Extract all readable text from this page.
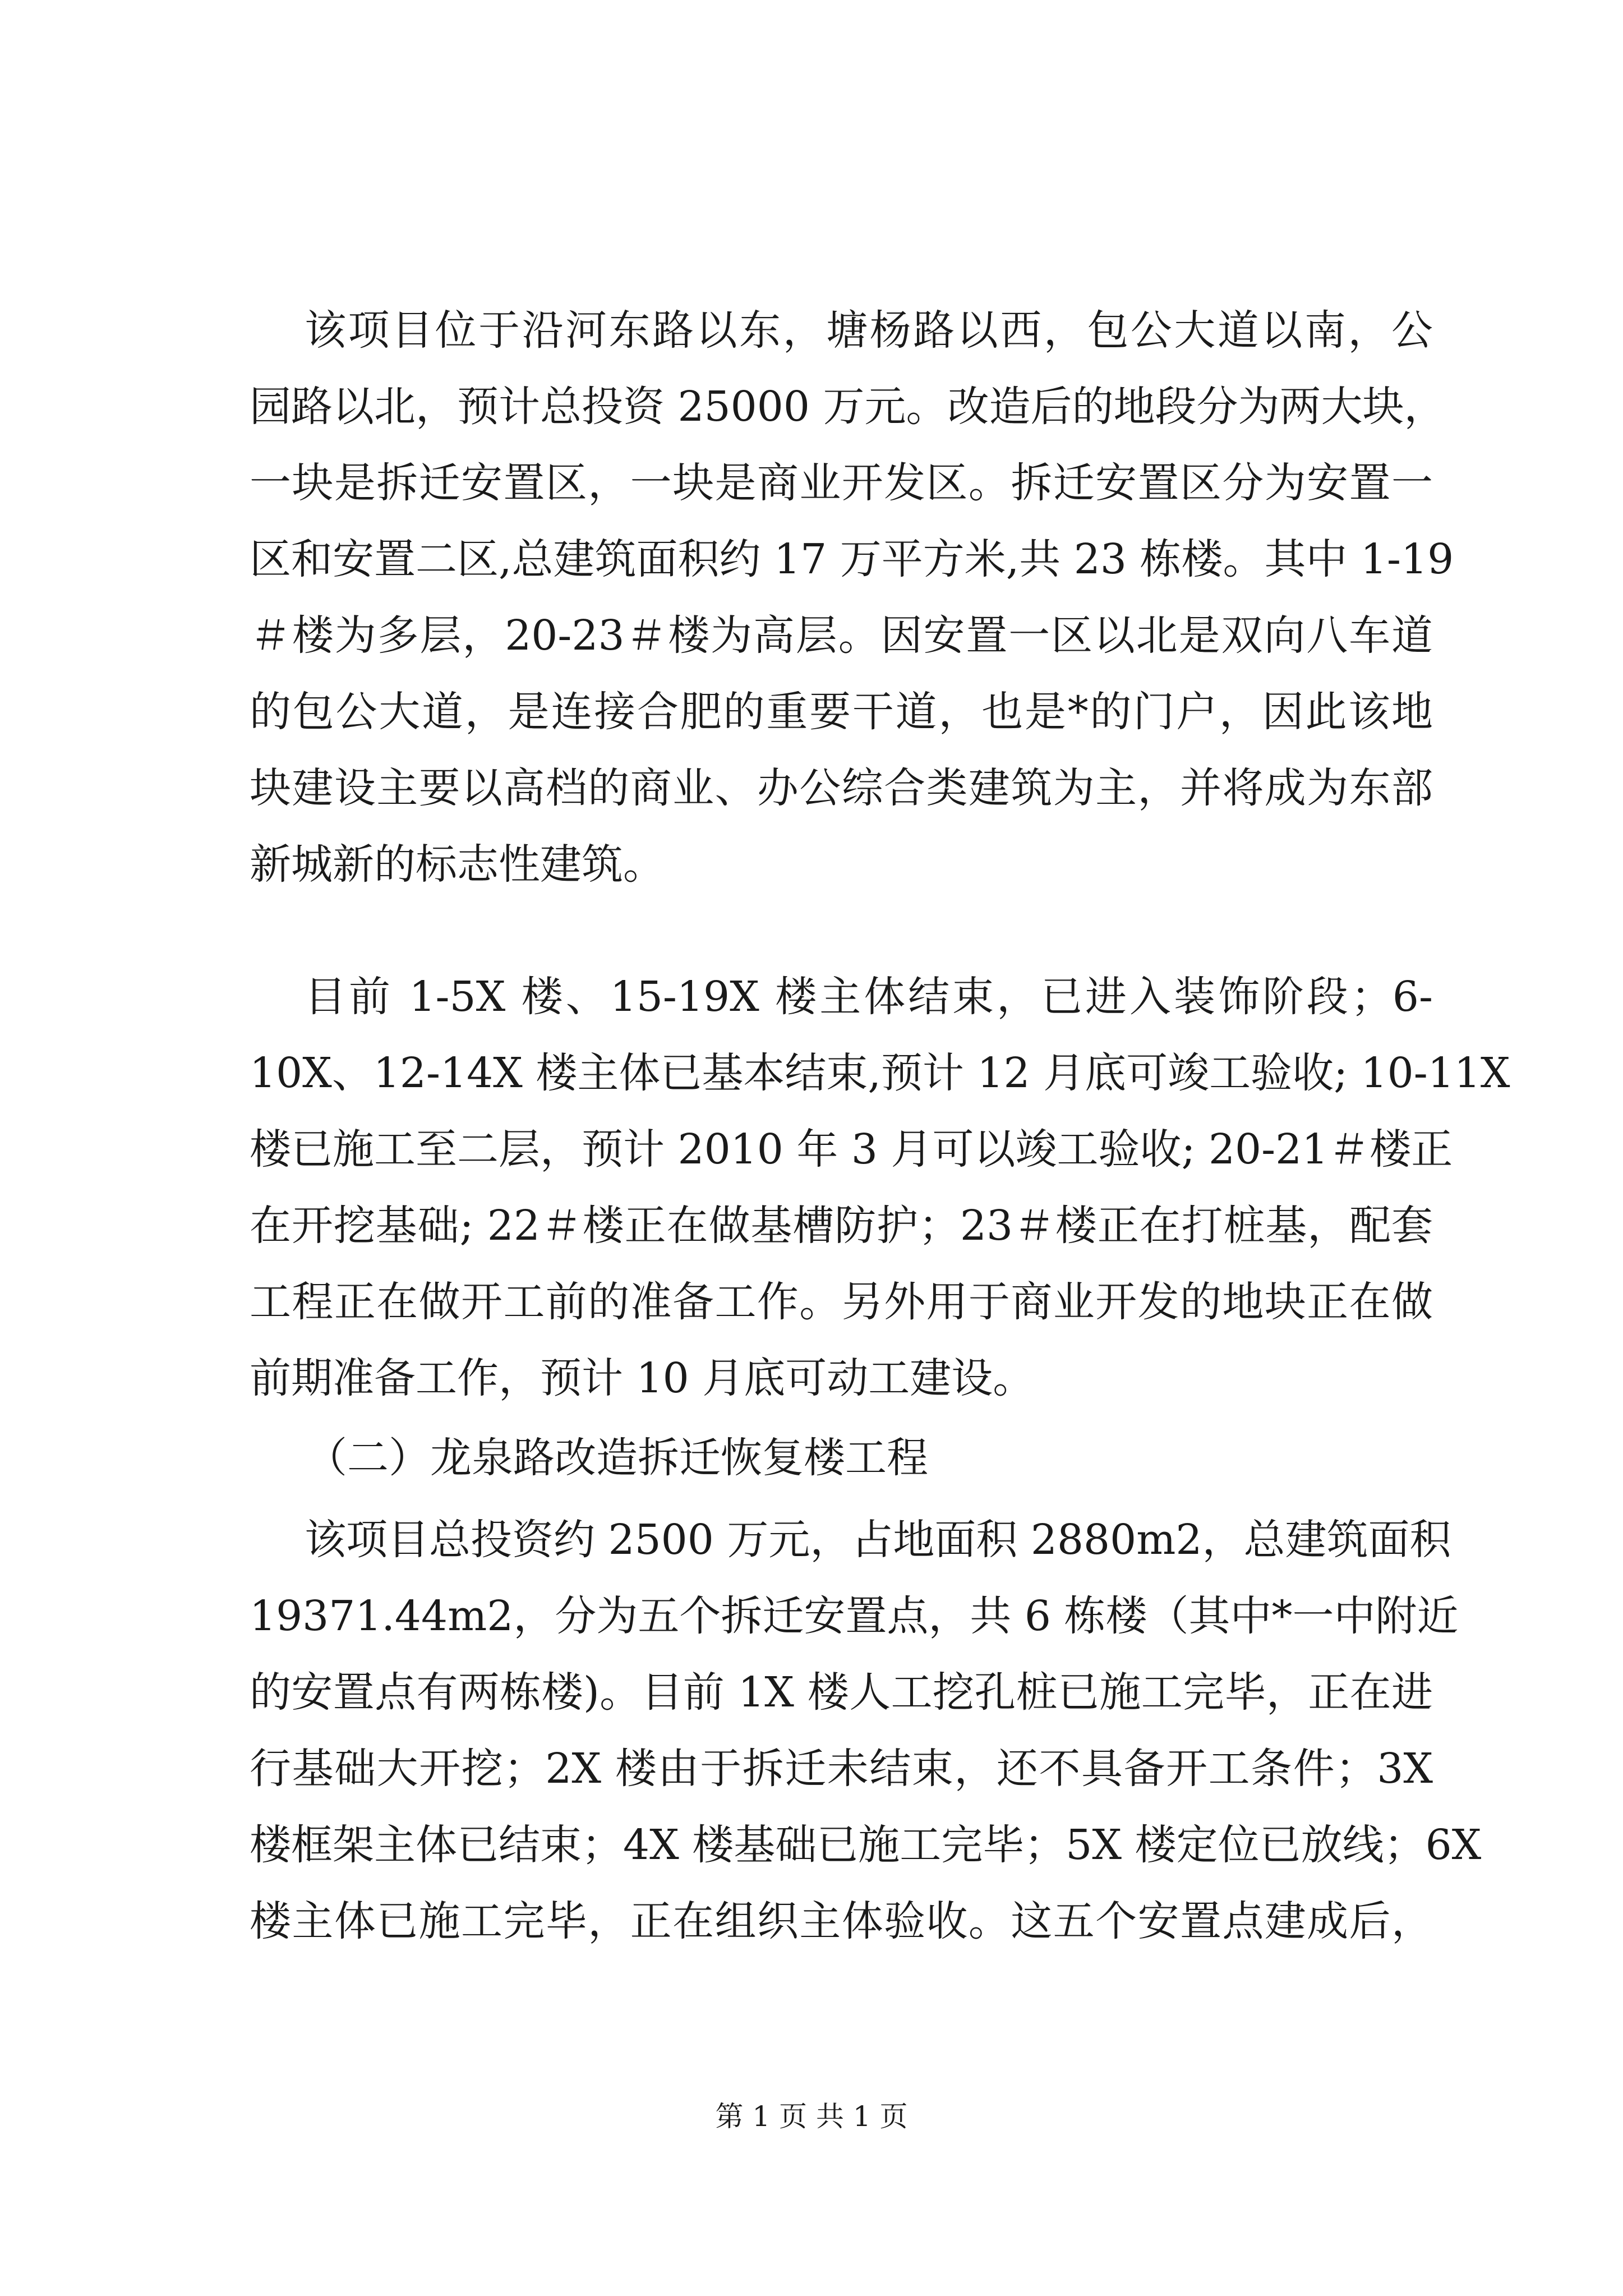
该项目位于沿河东路以东，塘杨路以西，包公大道以南，公
园路以北，预计总投资 25000 万元。改造后的地段分为两大块，
一块是拆迁安置区，一块是商业开发区。拆迁安置区分为安置一
区和安置二区,总建筑面积约 17 万平方米,共 23 栋楼。其中 1-19
＃楼为多层，20-23＃楼为高层。因安置一区以北是双向八车道
的包公大道，是连接合肥的重要干道，也是*的门户，因此该地
块建设主要以高档的商业、办公综合类建筑为主，并将成为东部
新城新的标志性建筑。
目前 1-5X 楼、15-19X 楼主体结束，已进入装饰阶段；6-
10X、12-14X 楼主体已基本结束,预计 12 月底可竣工验收; 10-11X
楼已施工至二层，预计 2010 年 3 月可以竣工验收; 20-21＃楼正
在开挖基础; 22＃楼正在做基槽防护；23＃楼正在打桩基，配套
工程正在做开工前的准备工作。另外用于商业开发的地块正在做
前期准备工作，预计 10 月底可动工建设。
（二）龙泉路改造拆迁恢复楼工程
该项目总投资约 2500 万元，占地面积 2880m2，总建筑面积
19371.44m2，分为五个拆迁安置点，共 6 栋楼（其中*一中附近
的安置点有两栋楼)。目前 1X 楼人工挖孔桩已施工完毕，正在进
行基础大开挖；2X 楼由于拆迁未结束，还不具备开工条件；3X
楼框架主体已结束；4X 楼基础已施工完毕；5X 楼定位已放线；6X
楼主体已施工完毕，正在组织主体验收。这五个安置点建成后，
第 1 页 共 1 页
